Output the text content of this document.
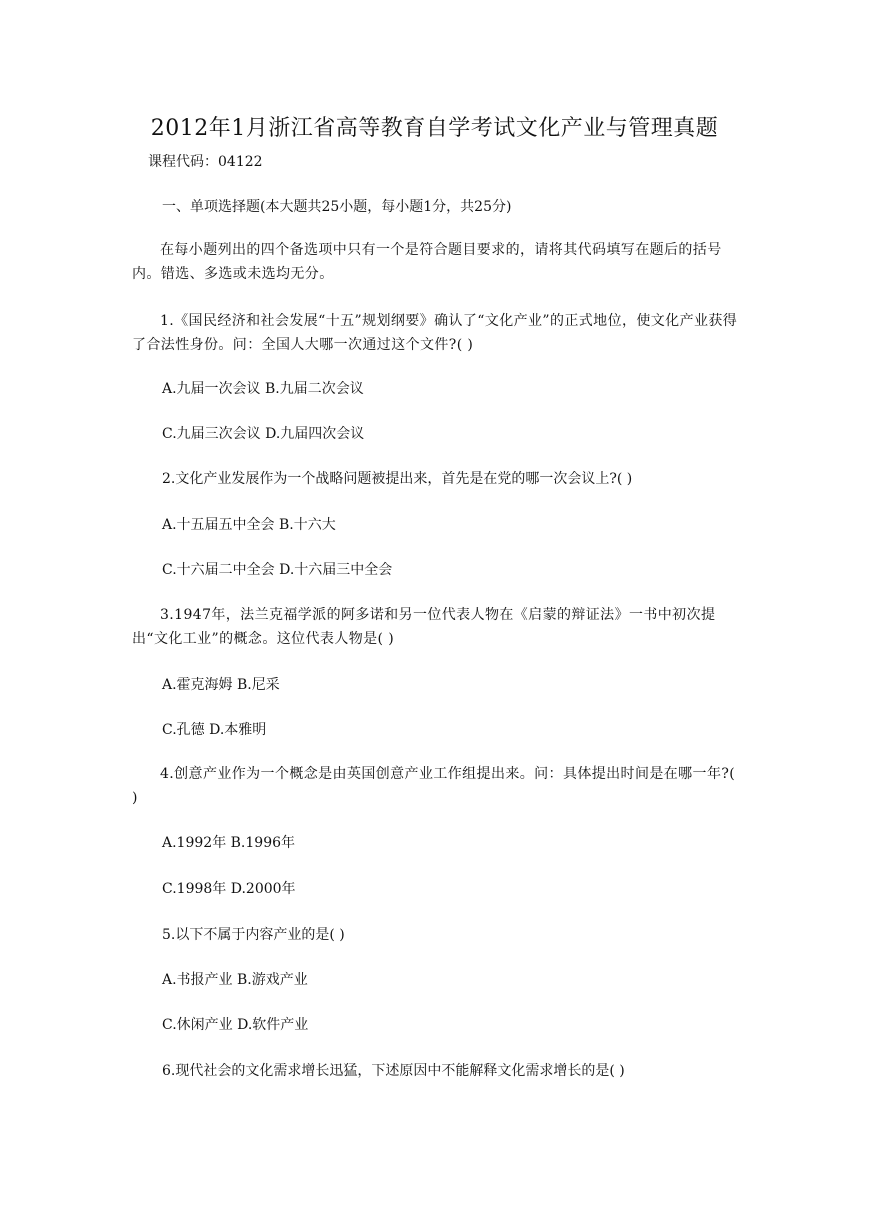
2012年1月浙江省高等教育自学考试文化产业与管理真题

课程代码：04122

一、单项选择题(本大题共25小题，每小题1分，共25分)

在每小题列出的四个备选项中只有一个是符合题目要求的，请将其代码填写在题后的括号内。错选、多选或未选均无分。

1.《国民经济和社会发展“十五”规划纲要》确认了“文化产业”的正式地位，使文化产业获得了合法性身份。问：全国人大哪一次通过这个文件?( )

A.九届一次会议 B.九届二次会议

C.九届三次会议 D.九届四次会议

2.文化产业发展作为一个战略问题被提出来，首先是在党的哪一次会议上?( )

A.十五届五中全会 B.十六大

C.十六届二中全会 D.十六届三中全会

3.1947年，法兰克福学派的阿多诺和另一位代表人物在《启蒙的辩证法》一书中初次提出“文化工业”的概念。这位代表人物是( )

A.霍克海姆 B.尼采

C.孔德 D.本雅明

4.创意产业作为一个概念是由英国创意产业工作组提出来。问：具体提出时间是在哪一年?( )

A.1992年 B.1996年

C.1998年 D.2000年

5.以下不属于内容产业的是( )

A.书报产业 B.游戏产业

C.休闲产业 D.软件产业

6.现代社会的文化需求增长迅猛，下述原因中不能解释文化需求增长的是( )
